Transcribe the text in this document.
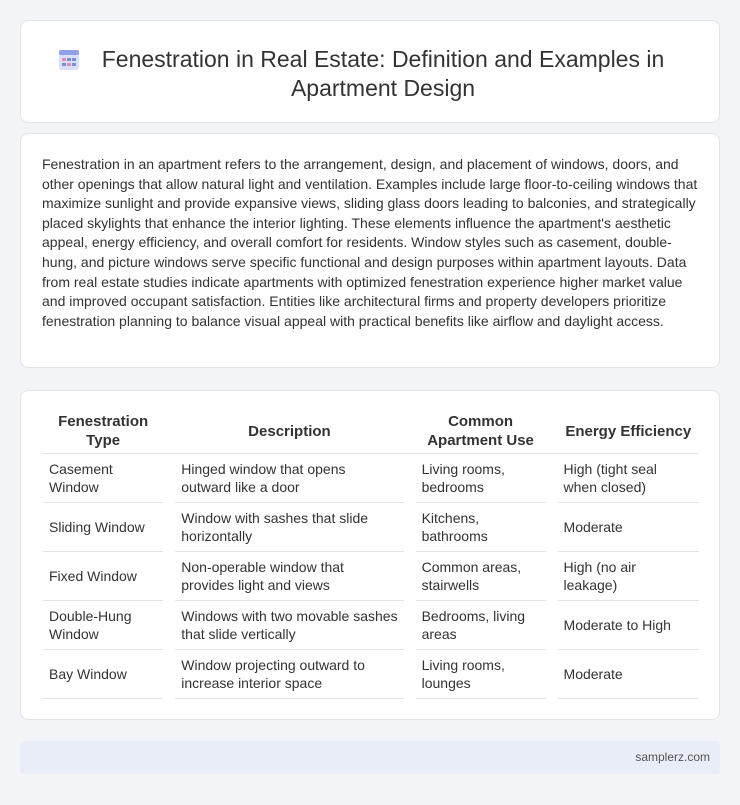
Fenestration in Real Estate: Definition and Examples in Apartment Design

Fenestration in an apartment refers to the arrangement, design, and placement of windows, doors, and other openings that allow natural light and ventilation. Examples include large floor-to-ceiling windows that maximize sunlight and provide expansive views, sliding glass doors leading to balconies, and strategically placed skylights that enhance the interior lighting. These elements influence the apartment's aesthetic appeal, energy efficiency, and overall comfort for residents. Window styles such as casement, double-hung, and picture windows serve specific functional and design purposes within apartment layouts. Data from real estate studies indicate apartments with optimized fenestration experience higher market value and improved occupant satisfaction. Entities like architectural firms and property developers prioritize fenestration planning to balance visual appeal with practical benefits like airflow and daylight access.

Fenestration Type		Description		Common Apartment Use		Energy Efficiency
Casement Window		Hinged window that opens outward like a door		Living rooms, bedrooms		High (tight seal when closed)
Sliding Window		Window with sashes that slide horizontally		Kitchens, bathrooms		Moderate
Fixed Window		Non-operable window that provides light and views		Common areas, stairwells		High (no air leakage)
Double-Hung Window		Windows with two movable sashes that slide vertically		Bedrooms, living areas		Moderate to High
Bay Window		Window projecting outward to increase interior space		Living rooms, lounges		Moderate
samplerz.com
